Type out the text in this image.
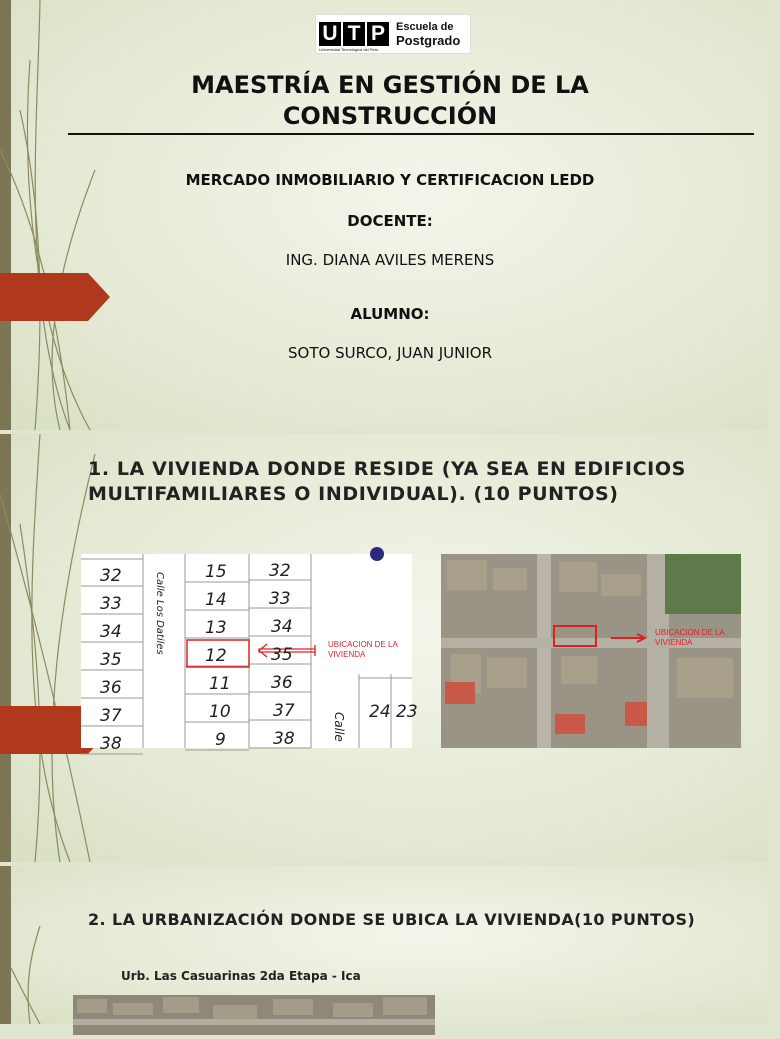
U T P	Escuela de
Postgrado
Universidad Tecnológica del Perú
MAESTRÍA EN GESTIÓN DE LA CONSTRUCCIÓN
MERCADO INMOBILIARIO Y CERTIFICACION LEDD
DOCENTE:
ING. DIANA AVILES MERENS
ALUMNO:
SOTO SURCO, JUAN JUNIOR
1. LA VIVIENDA DONDE RESIDE (YA SEA EN EDIFICIOS MULTIFAMILIARES O INDIVIDUAL). (10 PUNTOS)
32
33
34
35
36
37
38
15
14
13
12
11
10
9
32
33
34
35
36
37
38
24 23
Calle Los Datiles
Calle
UBICACION DE LA VIVIENDA
UBICACION DE LA VIVIENDA
2. LA URBANIZACIÓN DONDE SE UBICA LA VIVIENDA(10 PUNTOS)
Urb. Las Casuarinas 2da Etapa - Ica
